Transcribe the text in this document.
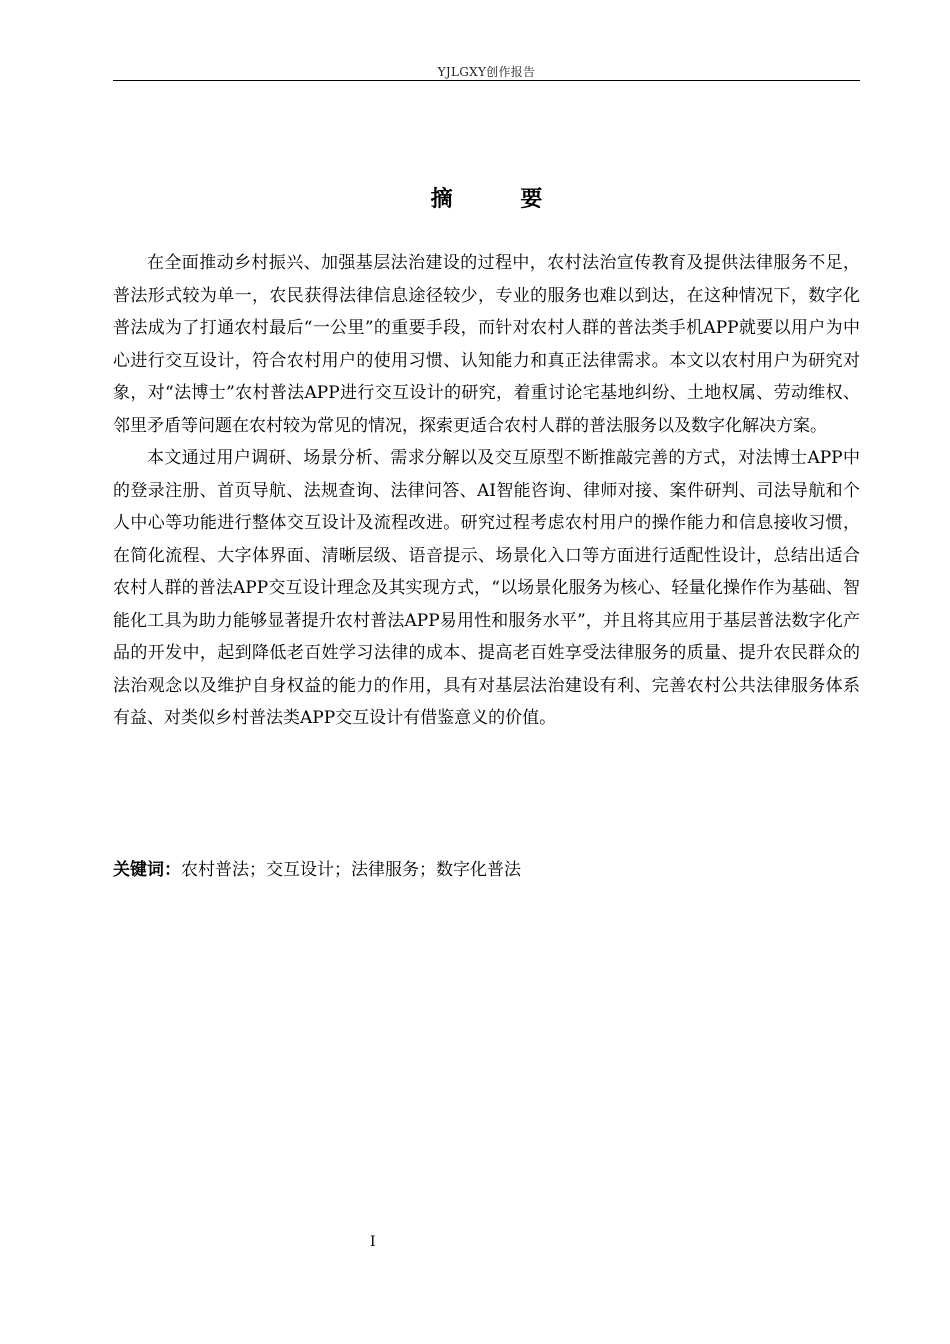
YJLGXY创作报告
摘 要

在全面推动乡村振兴、加强基层法治建设的过程中，农村法治宣传教育及提供法律服务不足，普法形式较为单一，农民获得法律信息途径较少，专业的服务也难以到达，在这种情况下，数字化普法成为了打通农村最后“一公里”的重要手段，而针对农村人群的普法类手机APP就要以用户为中心进行交互设计，符合农村用户的使用习惯、认知能力和真正法律需求。本文以农村用户为研究对象，对“法博士”农村普法APP进行交互设计的研究，着重讨论宅基地纠纷、土地权属、劳动维权、邻里矛盾等问题在农村较为常见的情况，探索更适合农村人群的普法服务以及数字化解决方案。

本文通过用户调研、场景分析、需求分解以及交互原型不断推敲完善的方式，对法博士APP中的登录注册、首页导航、法规查询、法律问答、AI智能咨询、律师对接、案件研判、司法导航和个人中心等功能进行整体交互设计及流程改进。研究过程考虑农村用户的操作能力和信息接收习惯，在简化流程、大字体界面、清晰层级、语音提示、场景化入口等方面进行适配性设计，总结出适合农村人群的普法APP交互设计理念及其实现方式，“以场景化服务为核心、轻量化操作作为基础、智能化工具为助力能够显著提升农村普法APP易用性和服务水平”，并且将其应用于基层普法数字化产品的开发中，起到降低老百姓学习法律的成本、提高老百姓享受法律服务的质量、提升农民群众的法治观念以及维护自身权益的能力的作用，具有对基层法治建设有利、完善农村公共法律服务体系有益、对类似乡村普法类APP交互设计有借鉴意义的价值。

关键词：农村普法；交互设计；法律服务；数字化普法
I
